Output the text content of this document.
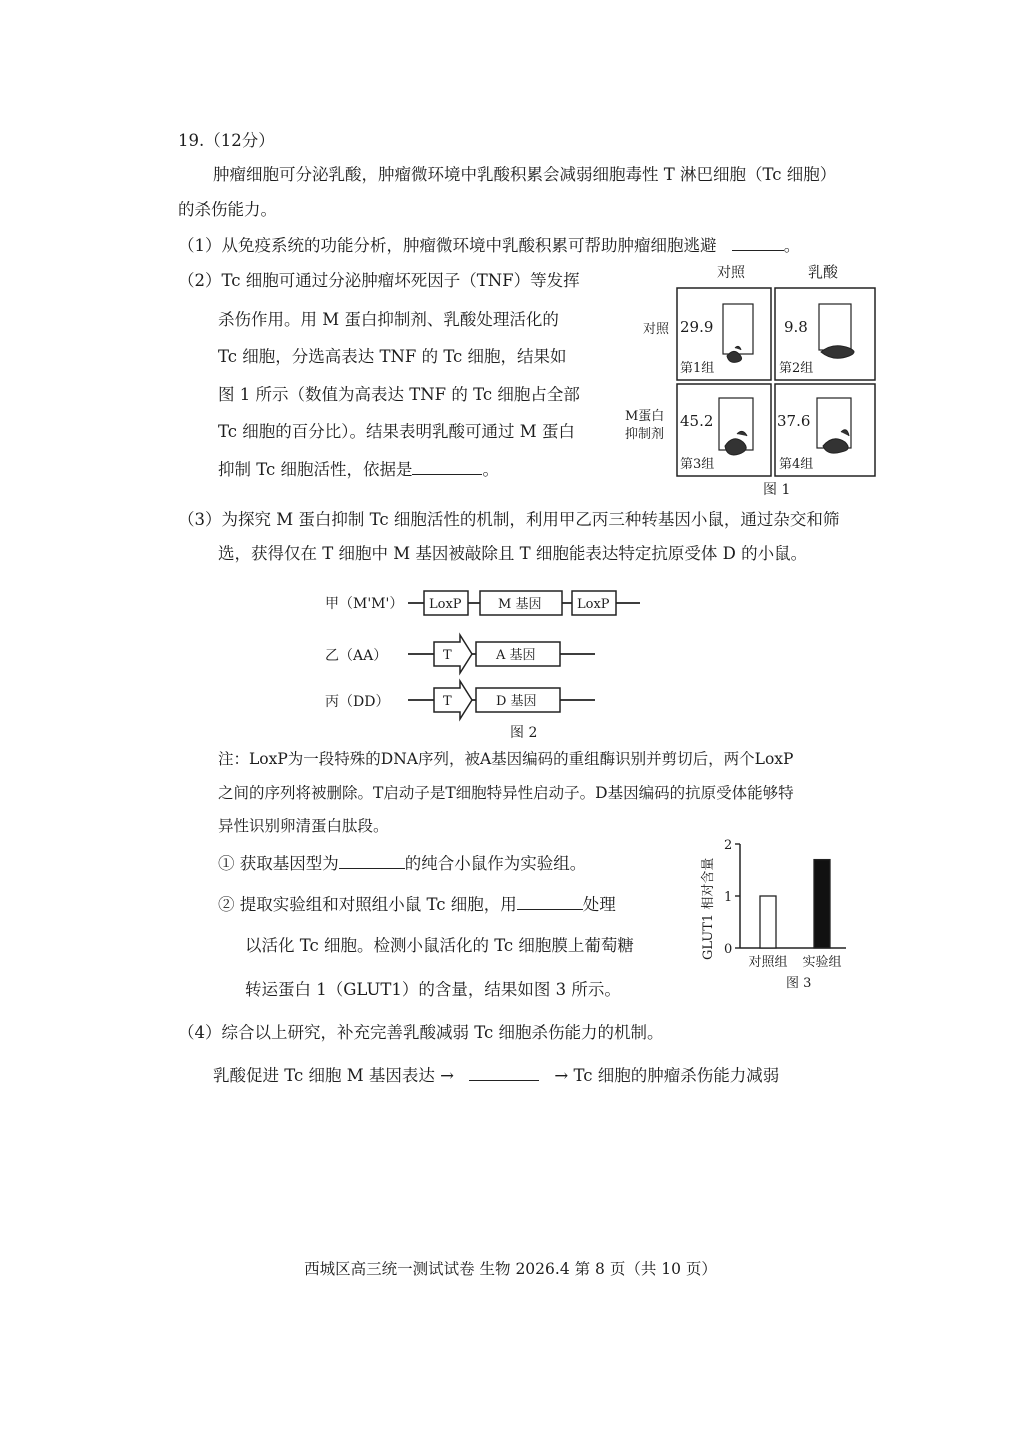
19.（12分）
肿瘤细胞可分泌乳酸，肿瘤微环境中乳酸积累会减弱细胞毒性 T 淋巴细胞（Tc 细胞）
的杀伤能力。
（1）从免疫系统的功能分析，肿瘤微环境中乳酸积累可帮助肿瘤细胞逃避	。
（2）Tc 细胞可通过分泌肿瘤坏死因子（TNF）等发挥
杀伤作用。用 M 蛋白抑制剂、乳酸处理活化的
Tc 细胞，分选高表达 TNF 的 Tc 细胞，结果如
图 1 所示（数值为高表达 TNF 的 Tc 细胞占全部
Tc 细胞的百分比）。结果表明乳酸可通过 M 蛋白
抑制 Tc 细胞活性，依据是	。
对照	乳酸
对照
M蛋白
抑制剂
29.9
第1组
9.8
第2组
45.2
第3组
37.6
第4组
图 1
（3）为探究 M 蛋白抑制 Tc 细胞活性的机制，利用甲乙丙三种转基因小鼠，通过杂交和筛
选，获得仅在 T 细胞中 M 基因被敲除且 T 细胞能表达特定抗原受体 D 的小鼠。
甲（M'M'） LoxP	M 基因	LoxP
乙（AA）	T	A 基因
丙（DD）	T	D 基因
图 2
注：LoxP为一段特殊的DNA序列，被A基因编码的重组酶识别并剪切后，两个LoxP
之间的序列将被删除。T启动子是T细胞特异性启动子。D基因编码的抗原受体能够特
异性识别卵清蛋白肽段。
① 获取基因型为	的纯合小鼠作为实验组。
② 提取实验组和对照组小鼠 Tc 细胞，用	处理
以活化 Tc 细胞。检测小鼠活化的 Tc 细胞膜上葡萄糖
转运蛋白 1（GLUT1）的含量，结果如图 3 所示。
GLUT1 相对含量 0
1
2
对照组 实验组
图 3
（4）综合以上研究，补充完善乳酸减弱 Tc 细胞杀伤能力的机制。
乳酸促进 Tc 细胞 M 基因表达 →	→ Tc 细胞的肿瘤杀伤能力减弱
西城区高三统一测试试卷 生物 2026.4 第 8 页（共 10 页）
